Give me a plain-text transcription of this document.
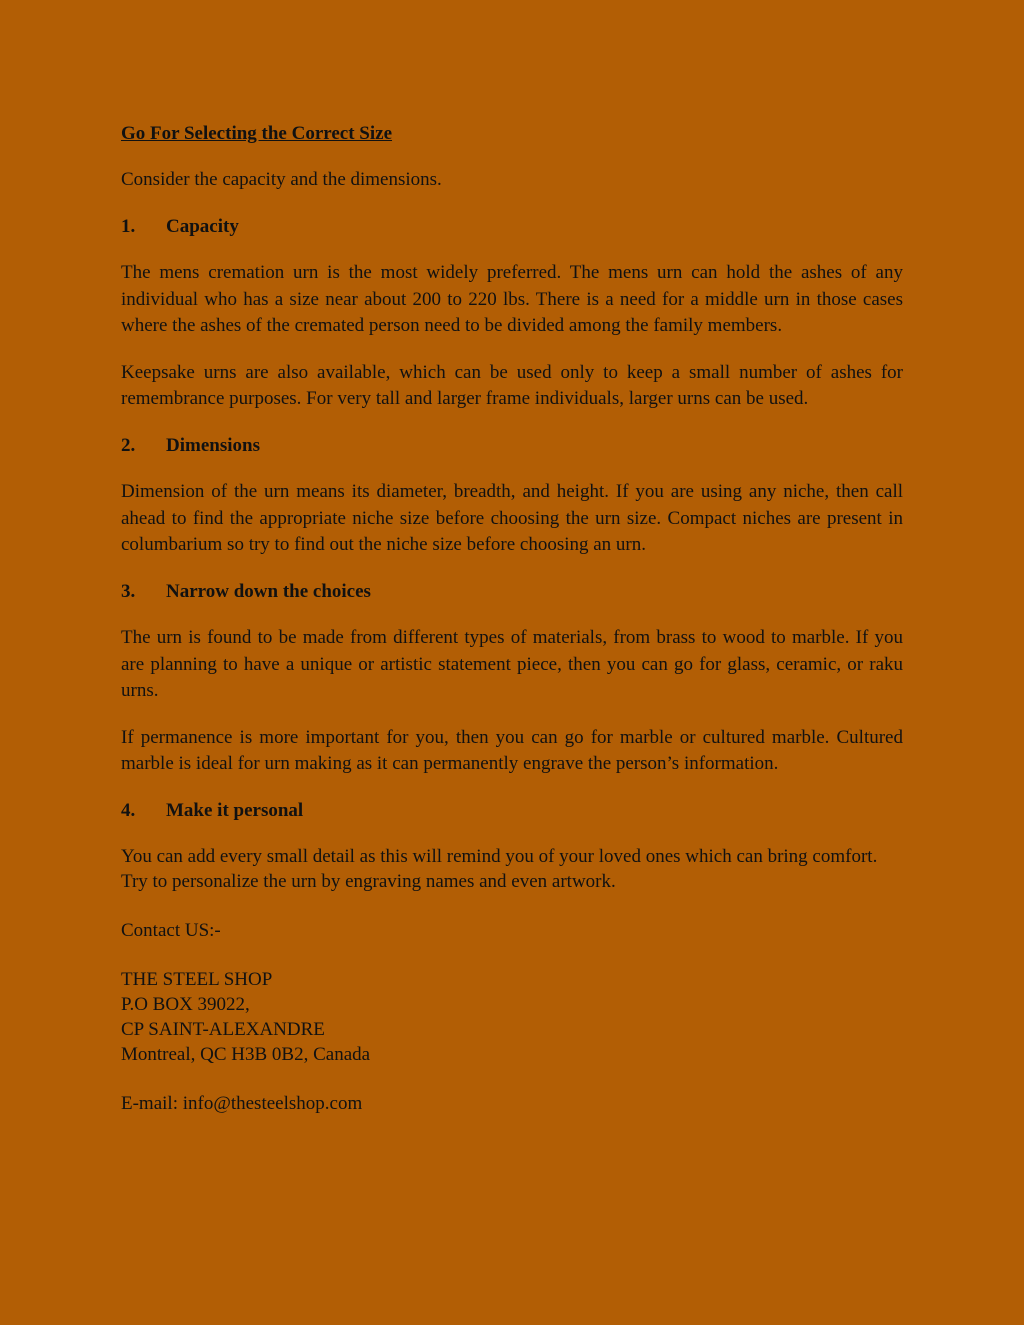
Go For Selecting the Correct Size
Consider the capacity and the dimensions.
1.	Capacity
The mens cremation urn is the most widely preferred. The mens urn can hold the ashes of any individual who has a size near about 200 to 220 lbs. There is a need for a middle urn in those cases where the ashes of the cremated person need to be divided among the family members.
Keepsake urns are also available, which can be used only to keep a small number of ashes for remembrance purposes. For very tall and larger frame individuals, larger urns can be used.
2.	Dimensions
Dimension of the urn means its diameter, breadth, and height. If you are using any niche, then call ahead to find the appropriate niche size before choosing the urn size. Compact niches are present in columbarium so try to find out the niche size before choosing an urn.
3.	Narrow down the choices
The urn is found to be made from different types of materials, from brass to wood to marble. If you are planning to have a unique or artistic statement piece, then you can go for glass, ceramic, or raku urns.
If permanence is more important for you, then you can go for marble or cultured marble. Cultured marble is ideal for urn making as it can permanently engrave the person’s information.
4.	Make it personal
You can add every small detail as this will remind you of your loved ones which can bring comfort. Try to personalize the urn by engraving names and even artwork.
Contact US:-
THE STEEL SHOP
P.O BOX 39022,
CP SAINT-ALEXANDRE
Montreal, QC H3B 0B2, Canada
E-mail: info@thesteelshop.com
